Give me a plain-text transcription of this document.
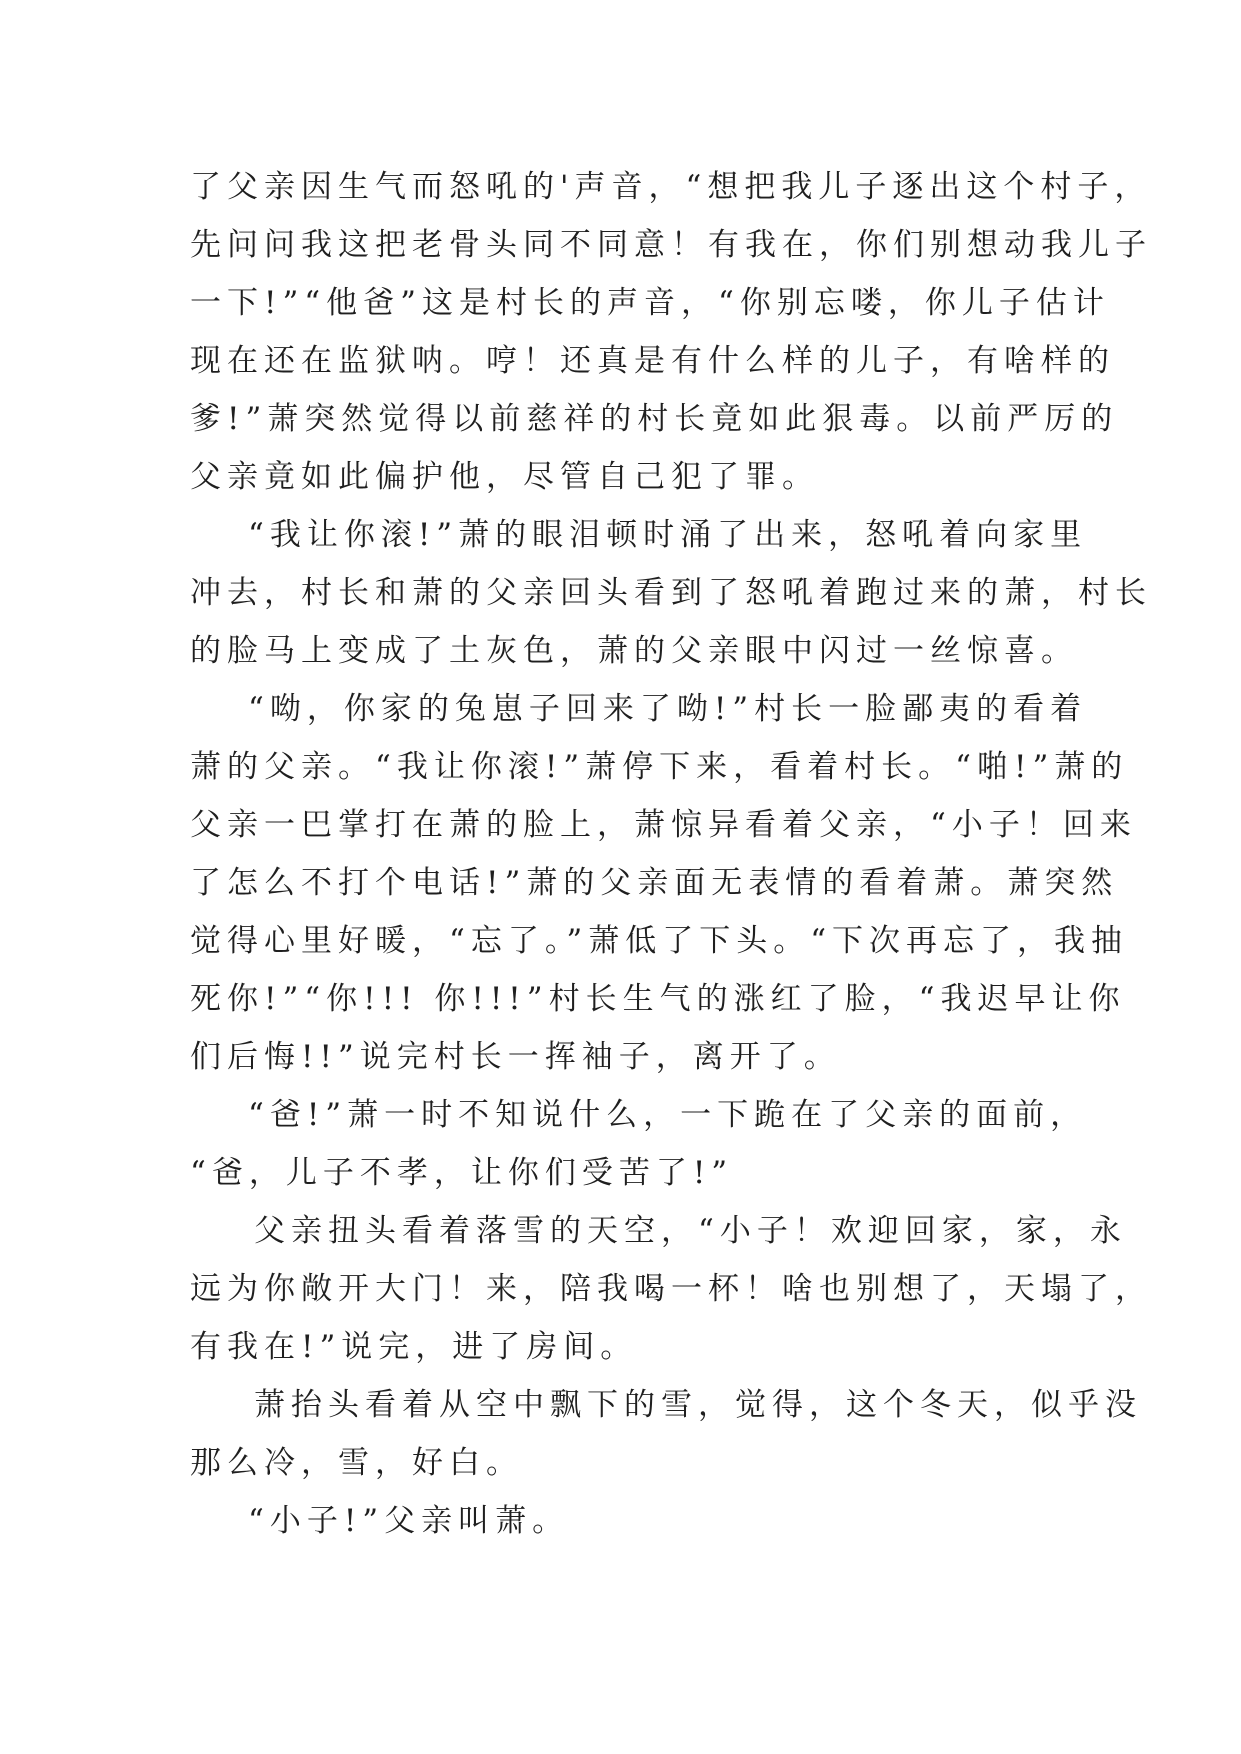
了父亲因生气而怒吼的'声音，“想把我儿子逐出这个村子，
先问问我这把老骨头同不同意！有我在，你们别想动我儿子
一下!”“他爸”这是村长的声音，“你别忘喽，你儿子估计
现在还在监狱呐。哼！还真是有什么样的儿子，有啥样的
爹!”萧突然觉得以前慈祥的村长竟如此狠毒。以前严厉的
父亲竟如此偏护他，尽管自己犯了罪。
“我让你滚!”萧的眼泪顿时涌了出来，怒吼着向家里
冲去，村长和萧的父亲回头看到了怒吼着跑过来的萧，村长
的脸马上变成了土灰色，萧的父亲眼中闪过一丝惊喜。
“呦，你家的兔崽子回来了呦!”村长一脸鄙夷的看着
萧的父亲。“我让你滚!”萧停下来，看着村长。“啪!”萧的
父亲一巴掌打在萧的脸上，萧惊异看着父亲，“小子！回来
了怎么不打个电话!”萧的父亲面无表情的看着萧。萧突然
觉得心里好暖，“忘了。”萧低了下头。“下次再忘了，我抽
死你!”“你!!! 你!!!”村长生气的涨红了脸，“我迟早让你
们后悔!!”说完村长一挥袖子，离开了。
“爸!”萧一时不知说什么，一下跪在了父亲的面前，
“爸，儿子不孝，让你们受苦了!”
父亲扭头看着落雪的天空，“小子！欢迎回家，家，永
远为你敞开大门！来，陪我喝一杯！啥也别想了，天塌了，
有我在!”说完，进了房间。
萧抬头看着从空中飘下的雪，觉得，这个冬天，似乎没
那么冷，雪，好白。
“小子!”父亲叫萧。
